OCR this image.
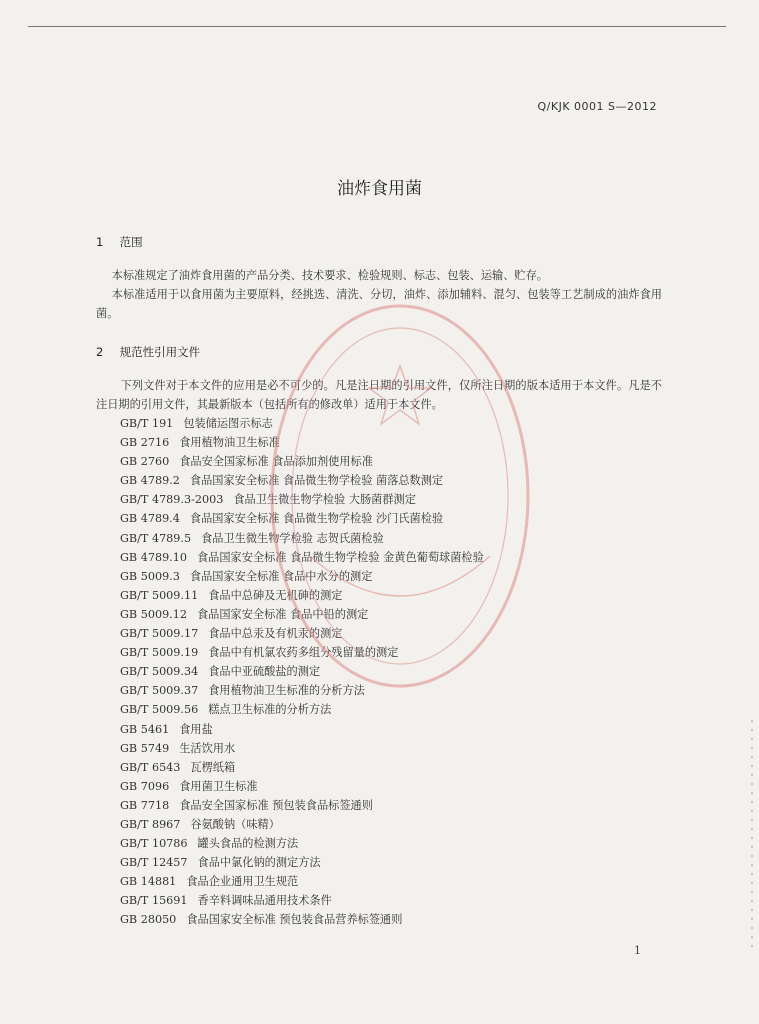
Q/KJK 0001 S—2012
油炸食用菌
1 范围
本标准规定了油炸食用菌的产品分类、技术要求、检验规则、标志、包装、运输、贮存。
本标准适用于以食用菌为主要原料，经挑选、清洗、分切，油炸、添加辅料、混匀、包装等工艺制成的油炸食用菌。
2 规范性引用文件
下列文件对于本文件的应用是必不可少的。凡是注日期的引用文件，仅所注日期的版本适用于本文件。凡是不注日期的引用文件，其最新版本（包括所有的修改单）适用于本文件。
GB/T 191 包装储运图示标志
GB 2716 食用植物油卫生标准
GB 2760 食品安全国家标准 食品添加剂使用标准
GB 4789.2 食品国家安全标准 食品微生物学检验 菌落总数测定
GB/T 4789.3-2003 食品卫生微生物学检验 大肠菌群测定
GB 4789.4 食品国家安全标准 食品微生物学检验 沙门氏菌检验
GB/T 4789.5 食品卫生微生物学检验 志贺氏菌检验
GB 4789.10 食品国家安全标准 食品微生物学检验 金黄色葡萄球菌检验
GB 5009.3 食品国家安全标准 食品中水分的测定
GB/T 5009.11 食品中总砷及无机砷的测定
GB 5009.12 食品国家安全标准 食品中铅的测定
GB/T 5009.17 食品中总汞及有机汞的测定
GB/T 5009.19 食品中有机氯农药多组分残留量的测定
GB/T 5009.34 食品中亚硫酸盐的测定
GB/T 5009.37 食用植物油卫生标准的分析方法
GB/T 5009.56 糕点卫生标准的分析方法
GB 5461 食用盐
GB 5749 生活饮用水
GB/T 6543 瓦楞纸箱
GB 7096 食用菌卫生标准
GB 7718 食品安全国家标准 预包装食品标签通则
GB/T 8967 谷氨酸钠（味精）
GB/T 10786 罐头食品的检测方法
GB/T 12457 食品中氯化钠的测定方法
GB 14881 食品企业通用卫生规范
GB/T 15691 香辛料调味品通用技术条件
GB 28050 食品国家安全标准 预包装食品营养标签通则
1
